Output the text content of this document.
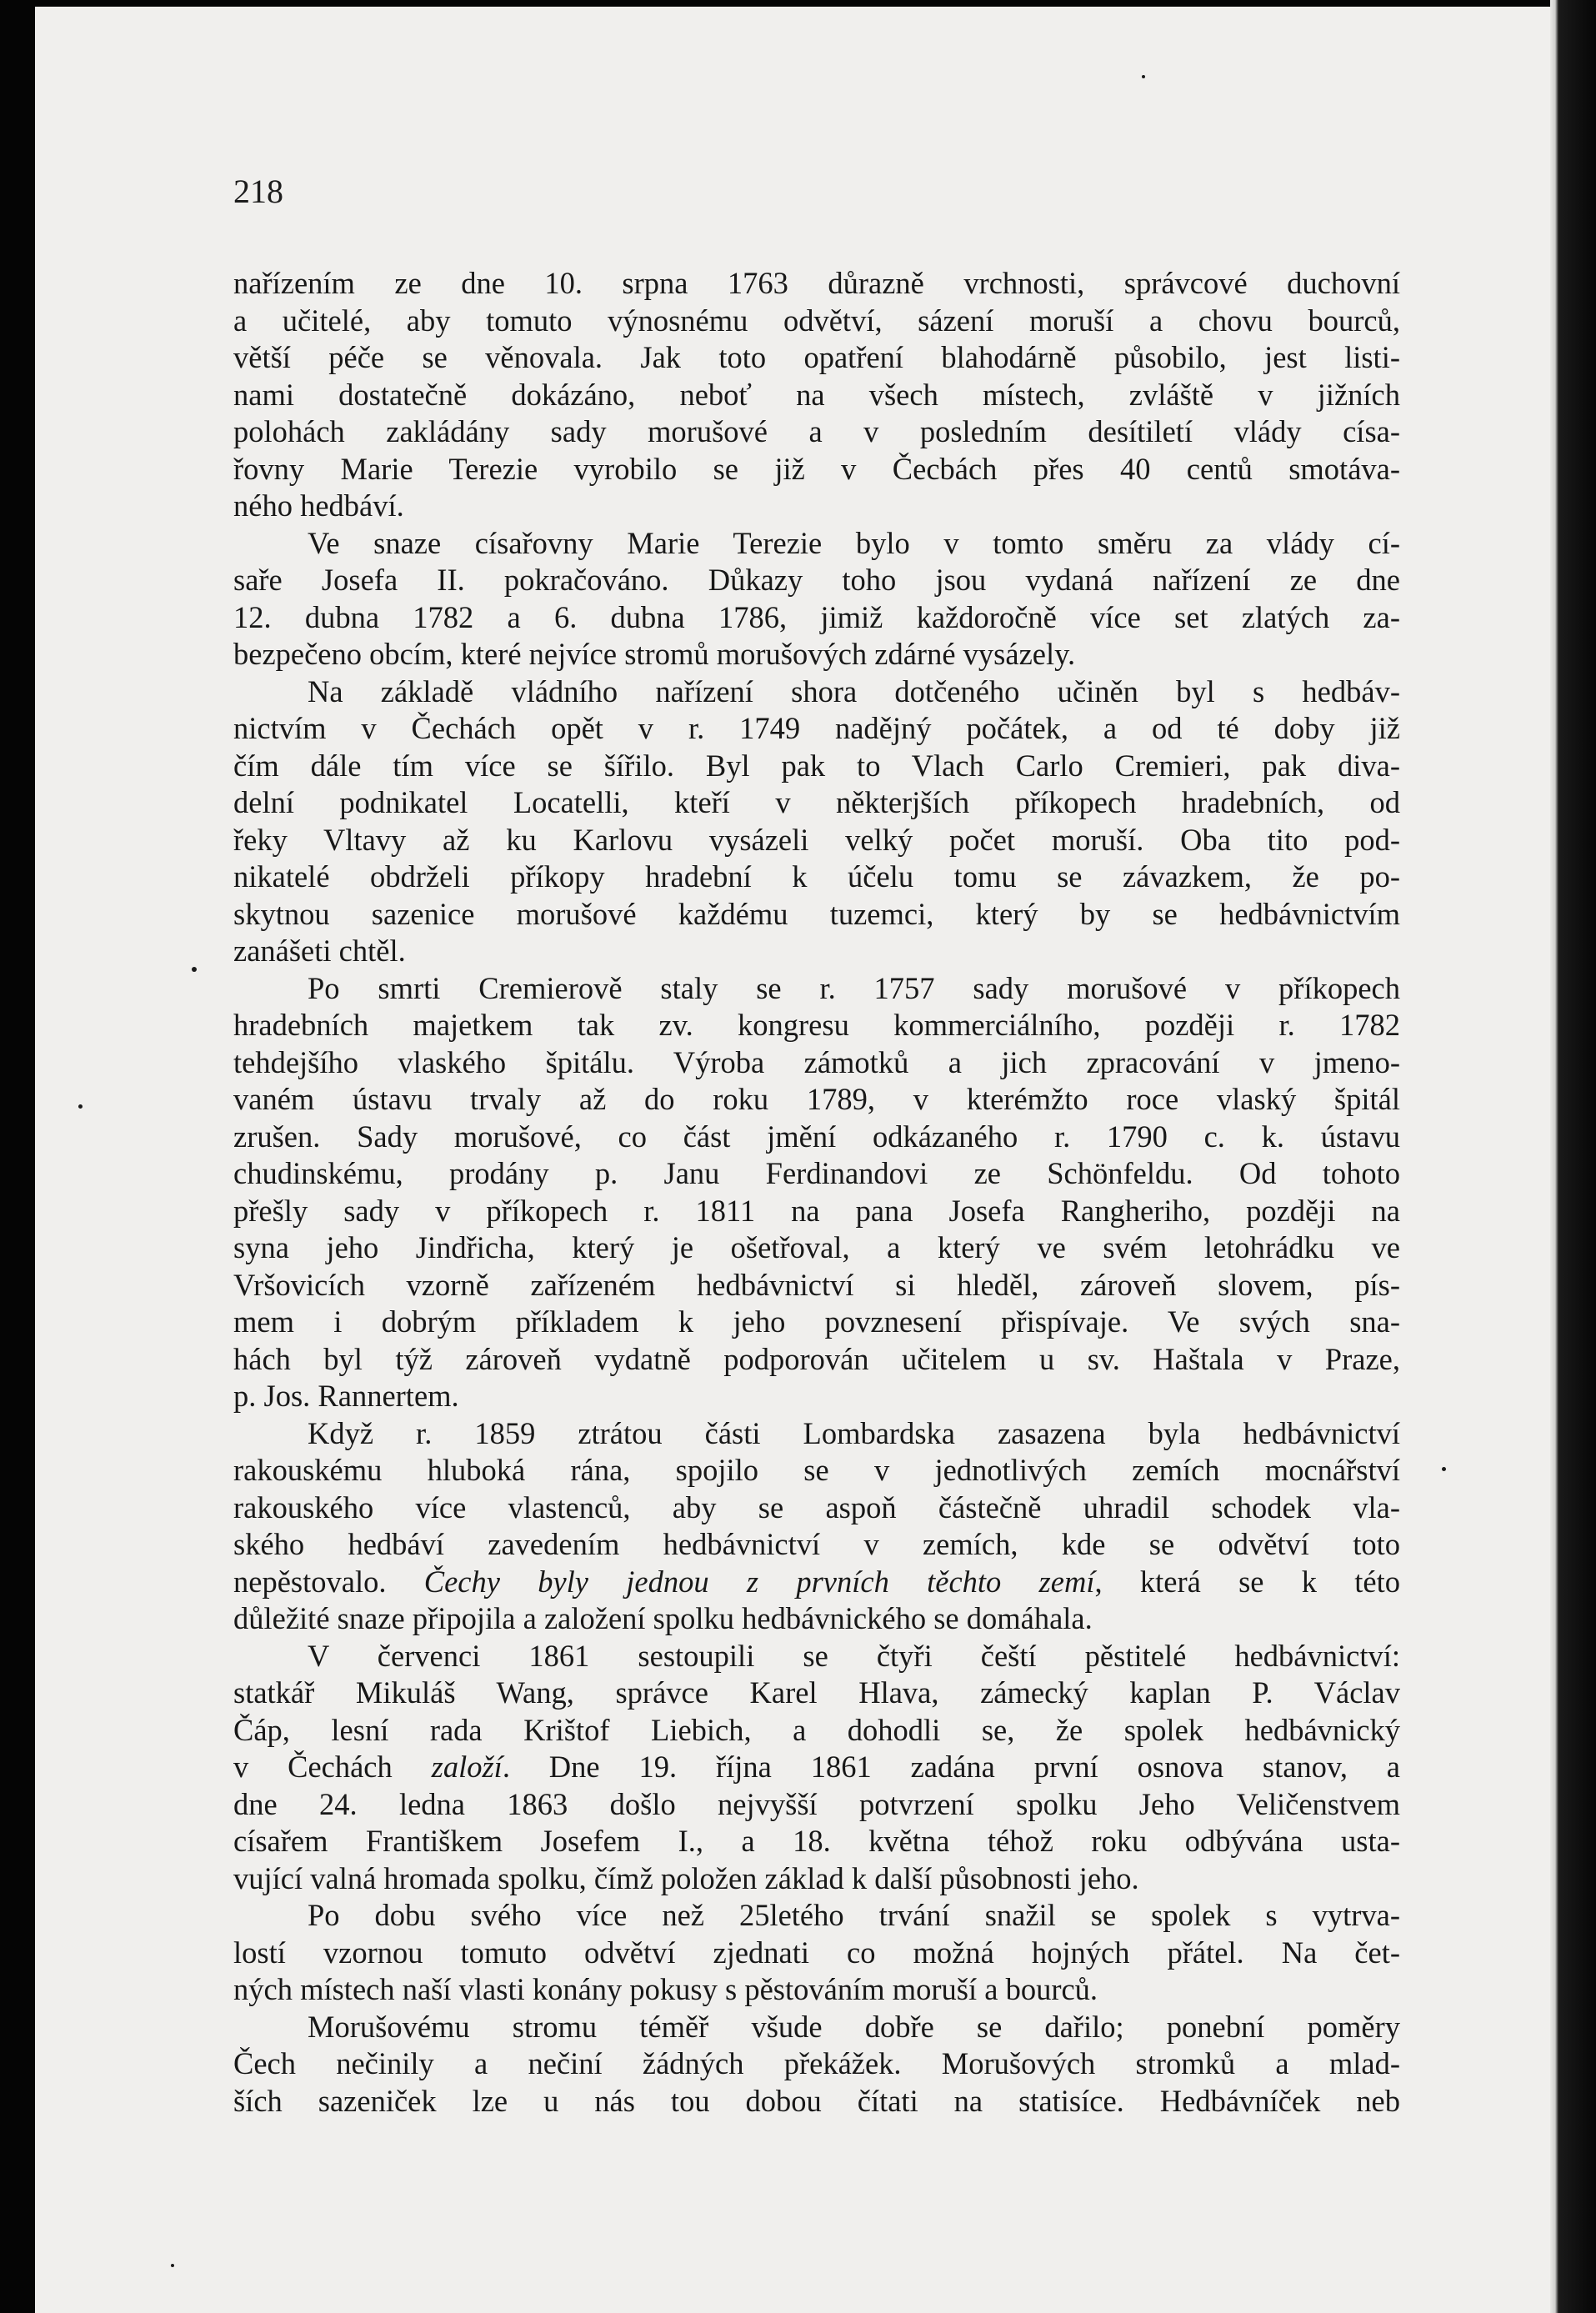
218
nařízením ze dne 10. srpna 1763 důrazně vrchnosti, správcové duchovní
a učitelé, aby tomuto výnosnému odvětví, sázení moruší a chovu bourců,
větší péče se věnovala. Jak toto opatření blahodárně působilo, jest listi-
nami dostatečně dokázáno, neboť na všech místech, zvláště v jižních
polohách zakládány sady morušové a v posledním desítiletí vlády císa-
řovny Marie Terezie vyrobilo se již v Čecbách přes 40 centů smotáva-
ného hedbáví.
Ve snaze císařovny Marie Terezie bylo v tomto směru za vlády cí-
saře Josefa II. pokračováno. Důkazy toho jsou vydaná nařízení ze dne
12. dubna 1782 a 6. dubna 1786, jimiž každoročně více set zlatých za-
bezpečeno obcím, které nejvíce stromů morušových zdárné vysázely.
Na základě vládního nařízení shora dotčeného učiněn byl s hedbáv-
nictvím v Čechách opět v r. 1749 nadějný počátek, a od té doby již
čím dále tím více se šířilo. Byl pak to Vlach Carlo Cremieri, pak diva-
delní podnikatel Locatelli, kteří v některjších příkopech hradebních, od
řeky Vltavy až ku Karlovu vysázeli velký počet moruší. Oba tito pod-
nikatelé obdrželi příkopy hradební k účelu tomu se závazkem, že po-
skytnou sazenice morušové každému tuzemci, který by se hedbávnictvím
zanášeti chtěl.
Po smrti Cremierově staly se r. 1757 sady morušové v příkopech
hradebních majetkem tak zv. kongresu kommerciálního, později r. 1782
tehdejšího vlaského špitálu. Výroba zámotků a jich zpracování v jmeno-
vaném ústavu trvaly až do roku 1789, v kterémžto roce vlaský špitál
zrušen. Sady morušové, co část jmění odkázaného r. 1790 c. k. ústavu
chudinskému, prodány p. Janu Ferdinandovi ze Schönfeldu. Od tohoto
přešly sady v příkopech r. 1811 na pana Josefa Rangheriho, později na
syna jeho Jindřicha, který je ošetřoval, a který ve svém letohrádku ve
Vršovicích vzorně zařízeném hedbávnictví si hleděl, zároveň slovem, pís-
mem i dobrým příkladem k jeho povznesení přispívaje. Ve svých sna-
hách byl týž zároveň vydatně podporován učitelem u sv. Haštala v Praze,
p. Jos. Rannertem.
Když r. 1859 ztrátou části Lombardska zasazena byla hedbávnictví
rakouskému hluboká rána, spojilo se v jednotlivých zemích mocnářství
rakouského více vlastenců, aby se aspoň částečně uhradil schodek vla-
ského hedbáví zavedením hedbávnictví v zemích, kde se odvětví toto
nepěstovalo. Čechy byly jednou z prvních těchto zemí, která se k této
důležité snaze připojila a založení spolku hedbávnického se domáhala.
V červenci 1861 sestoupili se čtyři čeští pěstitelé hedbávnictví:
statkář Mikuláš Wang, správce Karel Hlava, zámecký kaplan P. Václav
Čáp, lesní rada Krištof Liebich, a dohodli se, že spolek hedbávnický
v Čechách založí. Dne 19. října 1861 zadána první osnova stanov, a
dne 24. ledna 1863 došlo nejvyšší potvrzení spolku Jeho Veličenstvem
císařem Františkem Josefem I., a 18. května téhož roku odbývána usta-
vující valná hromada spolku, čímž položen základ k další působnosti jeho.
Po dobu svého více než 25letého trvání snažil se spolek s vytrva-
lostí vzornou tomuto odvětví zjednati co možná hojných přátel. Na čet-
ných místech naší vlasti konány pokusy s pěstováním moruší a bourců.
Morušovému stromu téměř všude dobře se dařilo; ponební poměry
Čech nečinily a nečiní žádných překážek. Morušových stromků a mlad-
ších sazeniček lze u nás tou dobou čítati na statisíce. Hedbávníček neb
